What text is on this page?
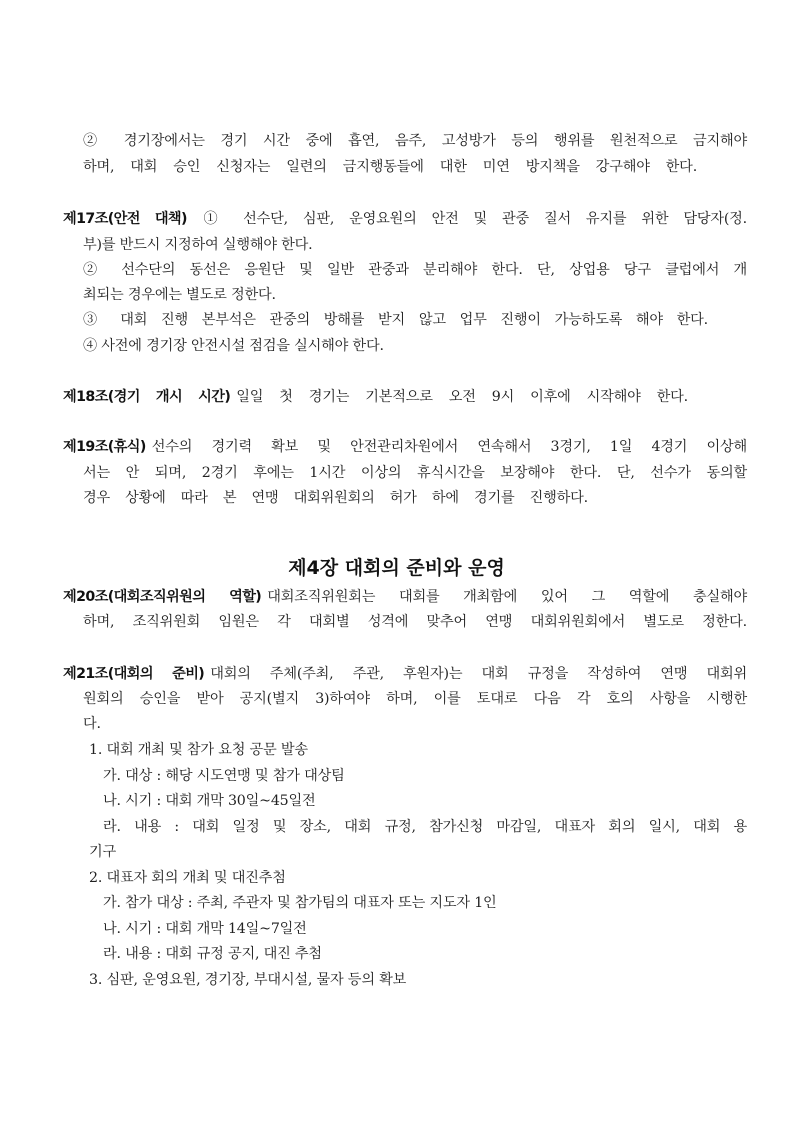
② 경기장에서는 경기 시간 중에 흡연, 음주, 고성방가 등의 행위를 원천적으로 금지해야
하며, 대회 승인 신청자는 일련의 금지행동들에 대한 미연 방지책을 강구해야 한다.
제17조(안전 대책) ① 선수단, 심판, 운영요원의 안전 및 관중 질서 유지를 위한 담당자(정.
부)를 반드시 지정하여 실행해야 한다.
② 선수단의 동선은 응원단 및 일반 관중과 분리해야 한다. 단, 상업용 당구 클럽에서 개
최되는 경우에는 별도로 정한다.
③ 대회 진행 본부석은 관중의 방해를 받지 않고 업무 진행이 가능하도록 해야 한다.
④ 사전에 경기장 안전시설 점검을 실시해야 한다.
제18조(경기 개시 시간) 일일 첫 경기는 기본적으로 오전 9시 이후에 시작해야 한다.
제19조(휴식) 선수의 경기력 확보 및 안전관리차원에서 연속해서 3경기, 1일 4경기 이상해
서는 안 되며, 2경기 후에는 1시간 이상의 휴식시간을 보장해야 한다. 단, 선수가 동의할
경우 상황에 따라 본 연맹 대회위원회의 허가 하에 경기를 진행하다.
제4장 대회의 준비와 운영
제20조(대회조직위원의 역할) 대회조직위원회는 대회를 개최함에 있어 그 역할에 충실해야
하며, 조직위원회 임원은 각 대회별 성격에 맞추어 연맹 대회위원회에서 별도로 정한다.
제21조(대회의 준비) 대회의 주체(주최, 주관, 후원자)는 대회 규정을 작성하여 연맹 대회위
원회의 승인을 받아 공지(별지 3)하여야 하며, 이를 토대로 다음 각 호의 사항을 시행한
다.
1. 대회 개최 및 참가 요청 공문 발송
가. 대상 : 해당 시도연맹 및 참가 대상팀
나. 시기 : 대회 개막 30일~45일전
라. 내용 : 대회 일정 및 장소, 대회 규정, 참가신청 마감일, 대표자 회의 일시, 대회 용
기구
2. 대표자 회의 개최 및 대진추첨
가. 참가 대상 : 주최, 주관자 및 참가팀의 대표자 또는 지도자 1인
나. 시기 : 대회 개막 14일~7일전
라. 내용 : 대회 규정 공지, 대진 추첨
3. 심판, 운영요원, 경기장, 부대시설, 물자 등의 확보
